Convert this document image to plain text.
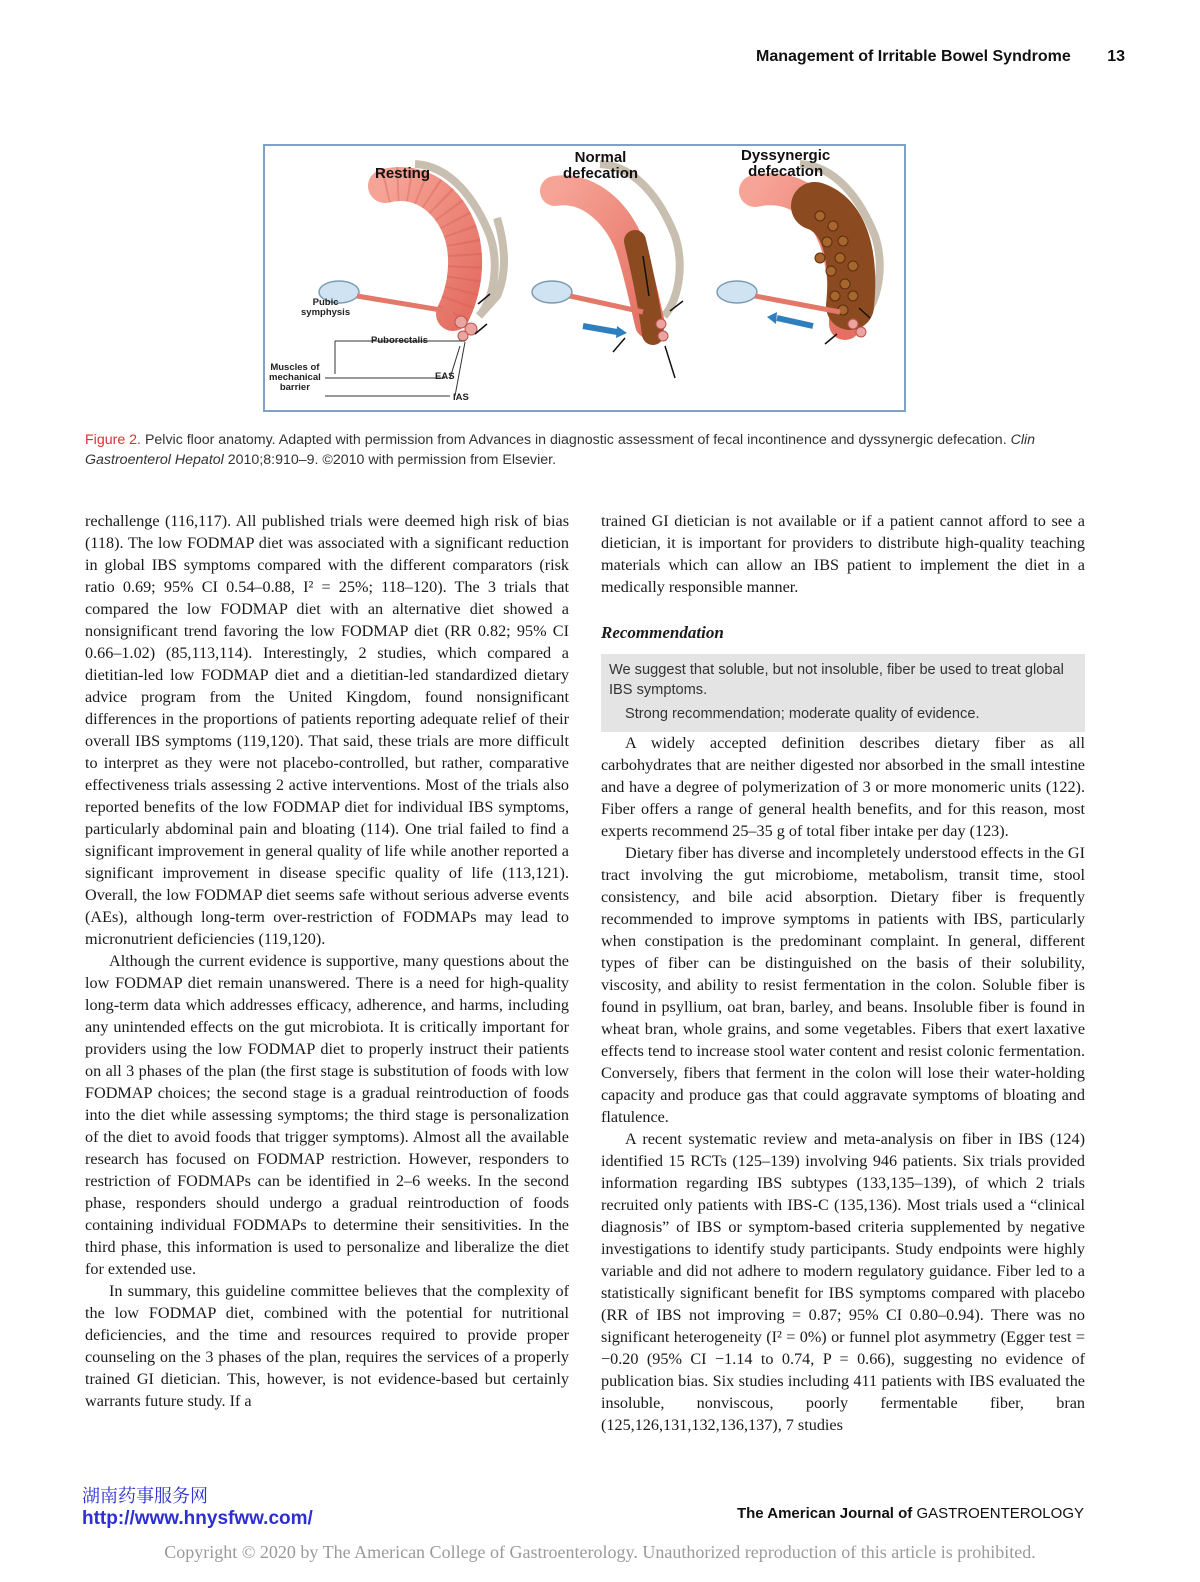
Management of Irritable Bowel Syndrome 13
Resting
Normal
defecation
Dyssynergic
defecation
Pubic
symphysis
Puborectalis
Muscles of
mechanical
barrier
EAS
IAS
Figure 2. Pelvic floor anatomy. Adapted with permission from Advances in diagnostic assessment of fecal incontinence and dyssynergic defecation. Clin Gastroenterol Hepatol 2010;8:910–9. ©2010 with permission from Elsevier.

rechallenge (116,117). All published trials were deemed high risk of bias (118). The low FODMAP diet was associated with a significant reduction in global IBS symptoms compared with the different comparators (risk ratio 0.69; 95% CI 0.54–0.88, I² = 25%; 118–120). The 3 trials that compared the low FODMAP diet with an alternative diet showed a nonsignificant trend favoring the low FODMAP diet (RR 0.82; 95% CI 0.66–1.02) (85,113,114). Interestingly, 2 studies, which compared a dietitian-led low FODMAP diet and a dietitian-led standardized dietary advice program from the United Kingdom, found nonsignificant differences in the proportions of patients reporting adequate relief of their overall IBS symptoms (119,120). That said, these trials are more difficult to interpret as they were not placebo-controlled, but rather, comparative effectiveness trials assessing 2 active interventions. Most of the trials also reported benefits of the low FODMAP diet for individual IBS symptoms, particularly abdominal pain and bloating (114). One trial failed to find a significant improvement in general quality of life while another reported a significant improvement in disease specific quality of life (113,121). Overall, the low FODMAP diet seems safe without serious adverse events (AEs), although long-term over-restriction of FODMAPs may lead to micronutrient deficiencies (119,120).

Although the current evidence is supportive, many questions about the low FODMAP diet remain unanswered. There is a need for high-quality long-term data which addresses efficacy, adherence, and harms, including any unintended effects on the gut microbiota. It is critically important for providers using the low FODMAP diet to properly instruct their patients on all 3 phases of the plan (the first stage is substitution of foods with low FODMAP choices; the second stage is a gradual reintroduction of foods into the diet while assessing symptoms; the third stage is personalization of the diet to avoid foods that trigger symptoms). Almost all the available research has focused on FODMAP restriction. However, responders to restriction of FODMAPs can be identified in 2–6 weeks. In the second phase, responders should undergo a gradual reintroduction of foods containing individual FODMAPs to determine their sensitivities. In the third phase, this information is used to personalize and liberalize the diet for extended use.

In summary, this guideline committee believes that the complexity of the low FODMAP diet, combined with the potential for nutritional deficiencies, and the time and resources required to provide proper counseling on the 3 phases of the plan, requires the services of a properly trained GI dietician. This, however, is not evidence-based but certainly warrants future study. If a

trained GI dietician is not available or if a patient cannot afford to see a dietician, it is important for providers to distribute high-quality teaching materials which can allow an IBS patient to implement the diet in a medically responsible manner.

Recommendation
We suggest that soluble, but not insoluble, fiber be used to treat global IBS symptoms.
Strong recommendation; moderate quality of evidence.

A widely accepted definition describes dietary fiber as all carbohydrates that are neither digested nor absorbed in the small intestine and have a degree of polymerization of 3 or more monomeric units (122). Fiber offers a range of general health benefits, and for this reason, most experts recommend 25–35 g of total fiber intake per day (123).

Dietary fiber has diverse and incompletely understood effects in the GI tract involving the gut microbiome, metabolism, transit time, stool consistency, and bile acid absorption. Dietary fiber is frequently recommended to improve symptoms in patients with IBS, particularly when constipation is the predominant complaint. In general, different types of fiber can be distinguished on the basis of their solubility, viscosity, and ability to resist fermentation in the colon. Soluble fiber is found in psyllium, oat bran, barley, and beans. Insoluble fiber is found in wheat bran, whole grains, and some vegetables. Fibers that exert laxative effects tend to increase stool water content and resist colonic fermentation. Conversely, fibers that ferment in the colon will lose their water-holding capacity and produce gas that could aggravate symptoms of bloating and flatulence.

A recent systematic review and meta-analysis on fiber in IBS (124) identified 15 RCTs (125–139) involving 946 patients. Six trials provided information regarding IBS subtypes (133,135–139), of which 2 trials recruited only patients with IBS-C (135,136). Most trials used a “clinical diagnosis” of IBS or symptom-based criteria supplemented by negative investigations to identify study participants. Study endpoints were highly variable and did not adhere to modern regulatory guidance. Fiber led to a statistically significant benefit for IBS symptoms compared with placebo (RR of IBS not improving = 0.87; 95% CI 0.80–0.94). There was no significant heterogeneity (I² = 0%) or funnel plot asymmetry (Egger test = −0.20 (95% CI −1.14 to 0.74, P = 0.66), suggesting no evidence of publication bias. Six studies including 411 patients with IBS evaluated the insoluble, nonviscous, poorly fermentable fiber, bran (125,126,131,132,136,137), 7 studies

湖南药事服务网
http://www.hnysfww.com/	The American Journal of GASTROENTEROLOGY
Copyright © 2020 by The American College of Gastroenterology. Unauthorized reproduction of this article is prohibited.
